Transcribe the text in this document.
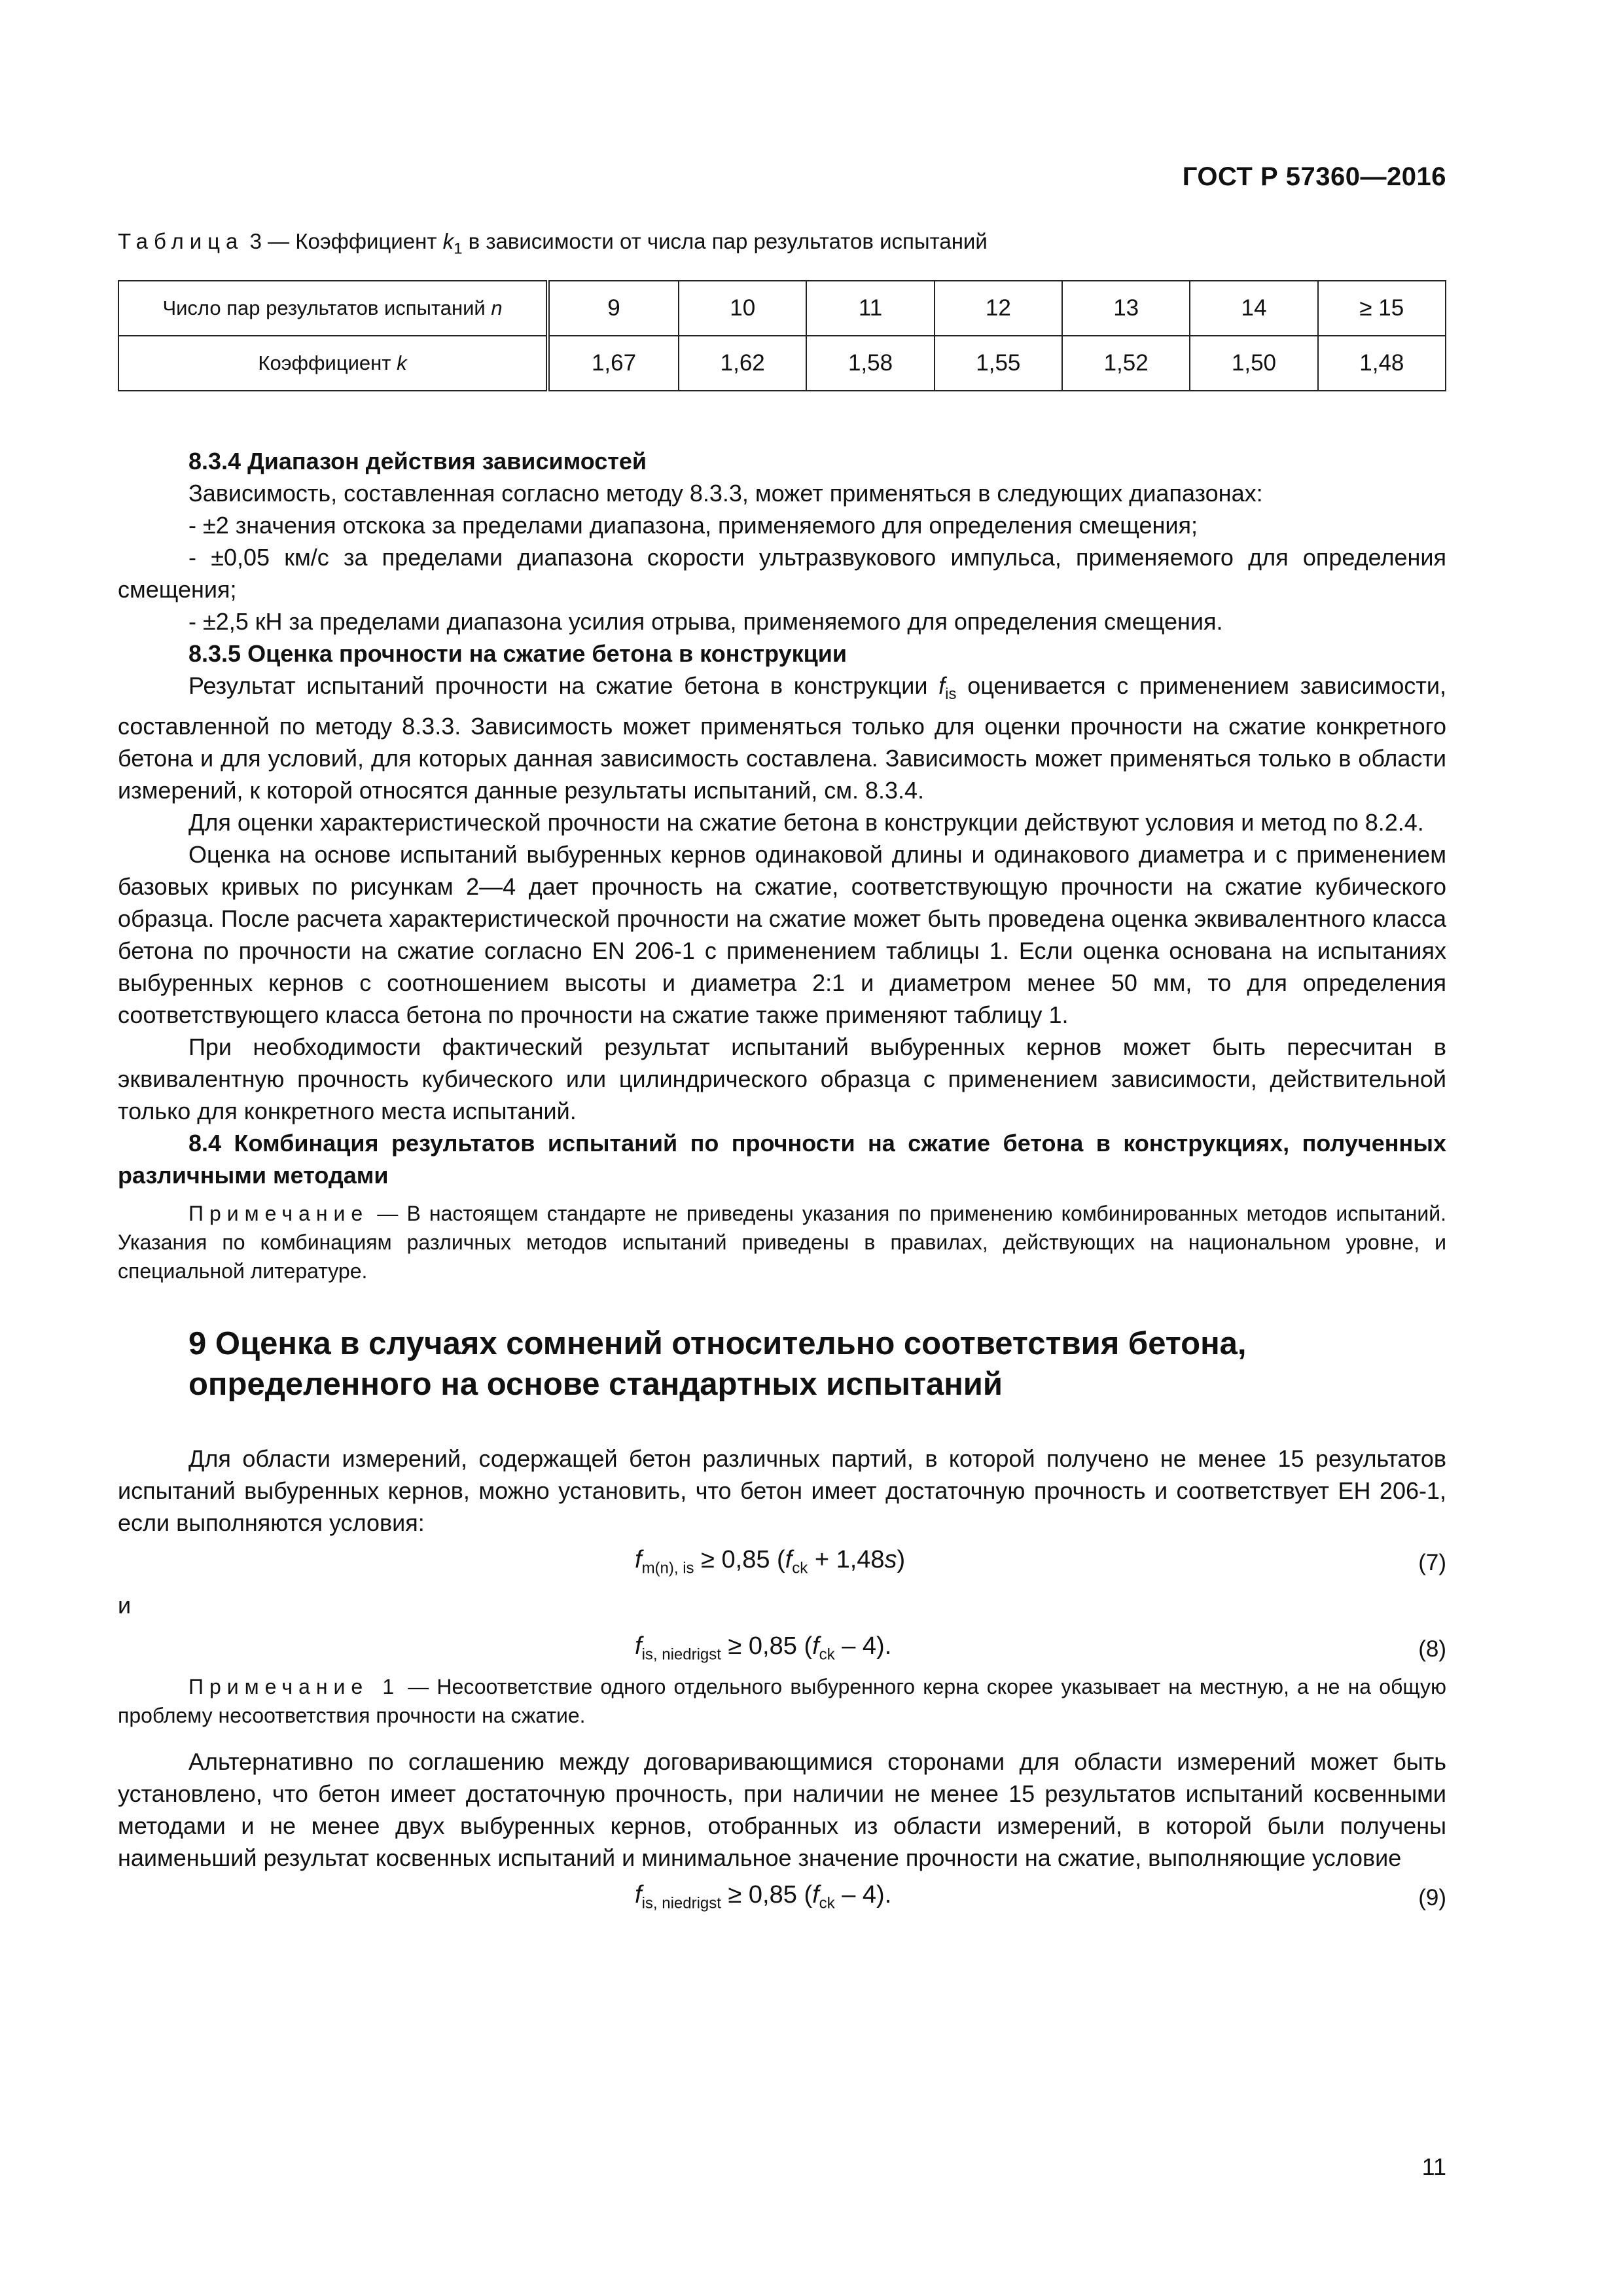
ГОСТ Р 57360—2016
Таблица 3 — Коэффициент $k_1$ в зависимости от числа пар результатов испытаний
Число пар результатов испытаний n	9	10	11	12	13	14	≥ 15
Коэффициент k	1,67	1,62	1,58	1,55	1,52	1,50	1,48

8.3.4 Диапазон действия зависимостей

Зависимость, составленная согласно методу 8.3.3, может применяться в следующих диапазонах:

- ±2 значения отскока за пределами диапазона, применяемого для определения смещения;

- ±0,05 км/с за пределами диапазона скорости ультразвукового импульса, применяемого для определения смещения;

- ±2,5 кН за пределами диапазона усилия отрыва, применяемого для определения смещения.

8.3.5 Оценка прочности на сжатие бетона в конструкции

Результат испытаний прочности на сжатие бетона в конструкции $f_{is}$ оценивается с применением зависимости, составленной по методу 8.3.3. Зависимость может применяться только для оценки прочности на сжатие конкретного бетона и для условий, для которых данная зависимость составлена. Зависимость может применяться только в области измерений, к которой относятся данные результаты испытаний, см. 8.3.4.

Для оценки характеристической прочности на сжатие бетона в конструкции действуют условия и метод по 8.2.4.

Оценка на основе испытаний выбуренных кернов одинаковой длины и одинакового диаметра и с применением базовых кривых по рисункам 2—4 дает прочность на сжатие, соответствующую прочности на сжатие кубического образца. После расчета характеристической прочности на сжатие может быть проведена оценка эквивалентного класса бетона по прочности на сжатие согласно EN 206-1 с применением таблицы 1. Если оценка основана на испытаниях выбуренных кернов с соотношением высоты и диаметра 2:1 и диаметром менее 50 мм, то для определения соответствующего класса бетона по прочности на сжатие также применяют таблицу 1.

При необходимости фактический результат испытаний выбуренных кернов может быть пересчитан в эквивалентную прочность кубического или цилиндрического образца с применением зависимости, действительной только для конкретного места испытаний.

8.4 Комбинация результатов испытаний по прочности на сжатие бетона в конструкциях, полученных различными методами

Примечание — В настоящем стандарте не приведены указания по применению комбинированных методов испытаний. Указания по комбинациям различных методов испытаний приведены в правилах, действующих на национальном уровне, и специальной литературе.

9 Оценка в случаях сомнений относительно соответствия бетона,
определенного на основе стандартных испытаний

Для области измерений, содержащей бетон различных партий, в которой получено не менее 15 результатов испытаний выбуренных кернов, можно установить, что бетон имеет достаточную прочность и соответствует ЕН 206-1, если выполняются условия:

$f_{m(n), is} \ge 0,85$ $(f_{ck} + 1,48s)$	(7)
и
$f_{is, niedrigst} \ge 0,85$ $(f_{ck} - 4)$.	(8)

Примечание 1 — Несоответствие одного отдельного выбуренного керна скорее указывает на местную, а не на общую проблему несоответствия прочности на сжатие.

Альтернативно по соглашению между договаривающимися сторонами для области измерений может быть установлено, что бетон имеет достаточную прочность, при наличии не менее 15 результатов испытаний косвенными методами и не менее двух выбуренных кернов, отобранных из области измерений, в которой были получены наименьший результат косвенных испытаний и минимальное значение прочности на сжатие, выполняющие условие

$f_{is, niedrigst} \ge 0,85$ $(f_{ck} - 4)$.	(9)
11
